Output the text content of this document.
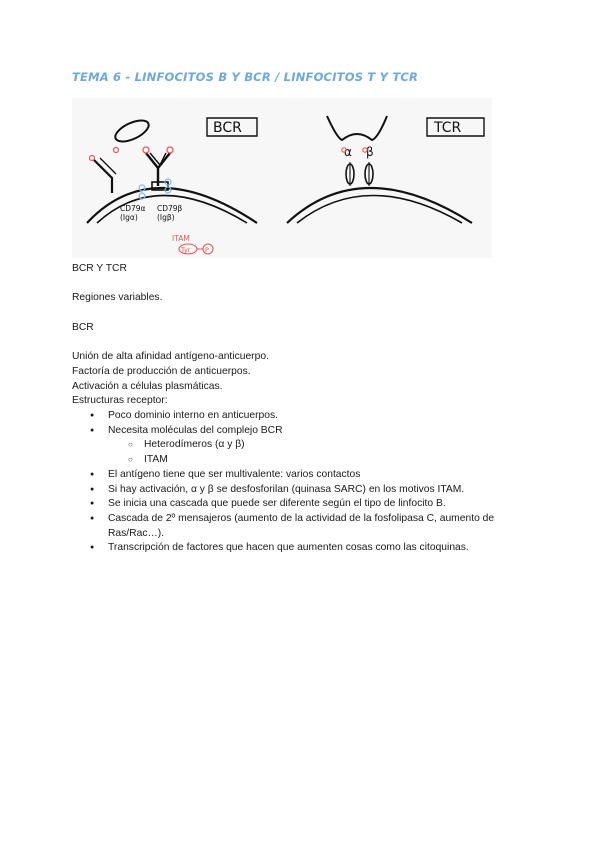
TEMA 6 - LINFOCITOS B Y BCR / LINFOCITOS T Y TCR
CD79α (Igα)
CD79β (Igβ)
ITAM
Tyr P
BCR
α β
TCR

BCR Y TCR

Regiones variables.

BCR

Unión de alta afinidad antígeno-anticuerpo.

Factoría de producción de anticuerpos.

Activación a células plasmáticas.

Estructuras receptor:

● Poco dominio interno en anticuerpos.
● Necesita moléculas del complejo BCR
○ Heterodímeros (α y β)
○ ITAM
● El antígeno tiene que ser multivalente: varios contactos
● Si hay activación, α y β se desfosforilan (quinasa SARC) en los motivos ITAM.
● Se inicia una cascada que puede ser diferente según el tipo de linfocito B.
● Cascada de 2º mensajeros (aumento de la actividad de la fosfolipasa C, aumento de Ras/Rac…).
● Transcripción de factores que hacen que aumenten cosas como las citoquinas.
